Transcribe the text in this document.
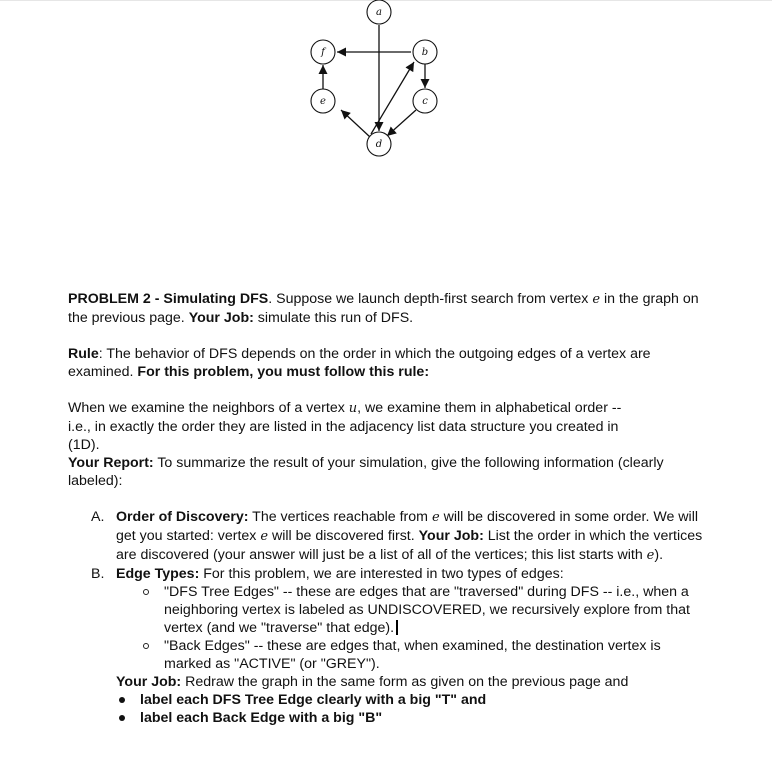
a
b
c
d
e
f

PROBLEM 2 - Simulating DFS. Suppose we launch depth-first search from vertex e in the graph on the previous page. Your Job: simulate this run of DFS.

Rule: The behavior of DFS depends on the order in which the outgoing edges of a vertex are examined. For this problem, you must follow this rule:

When we examine the neighbors of a vertex u, we examine them in alphabetical order -- i.e., in exactly the order they are listed in the adjacency list data structure you created in (1D).

Your Report: To summarize the result of your simulation, give the following information (clearly labeled):

A. Order of Discovery: The vertices reachable from e will be discovered in some order. We will get you started: vertex e will be discovered first. Your Job: List the order in which the vertices are discovered (your answer will just be a list of all of the vertices; this list starts with e).
B. Edge Types: For this problem, we are interested in two types of edges:
"DFS Tree Edges" -- these are edges that are "traversed" during DFS -- i.e., when a neighboring vertex is labeled as UNDISCOVERED, we recursively explore from that vertex (and we "traverse" that edge).
"Back Edges" -- these are edges that, when examined, the destination vertex is marked as "ACTIVE" (or "GREY").
Your Job: Redraw the graph in the same form as given on the previous page and
label each DFS Tree Edge clearly with a big "T" and
label each Back Edge with a big "B"
